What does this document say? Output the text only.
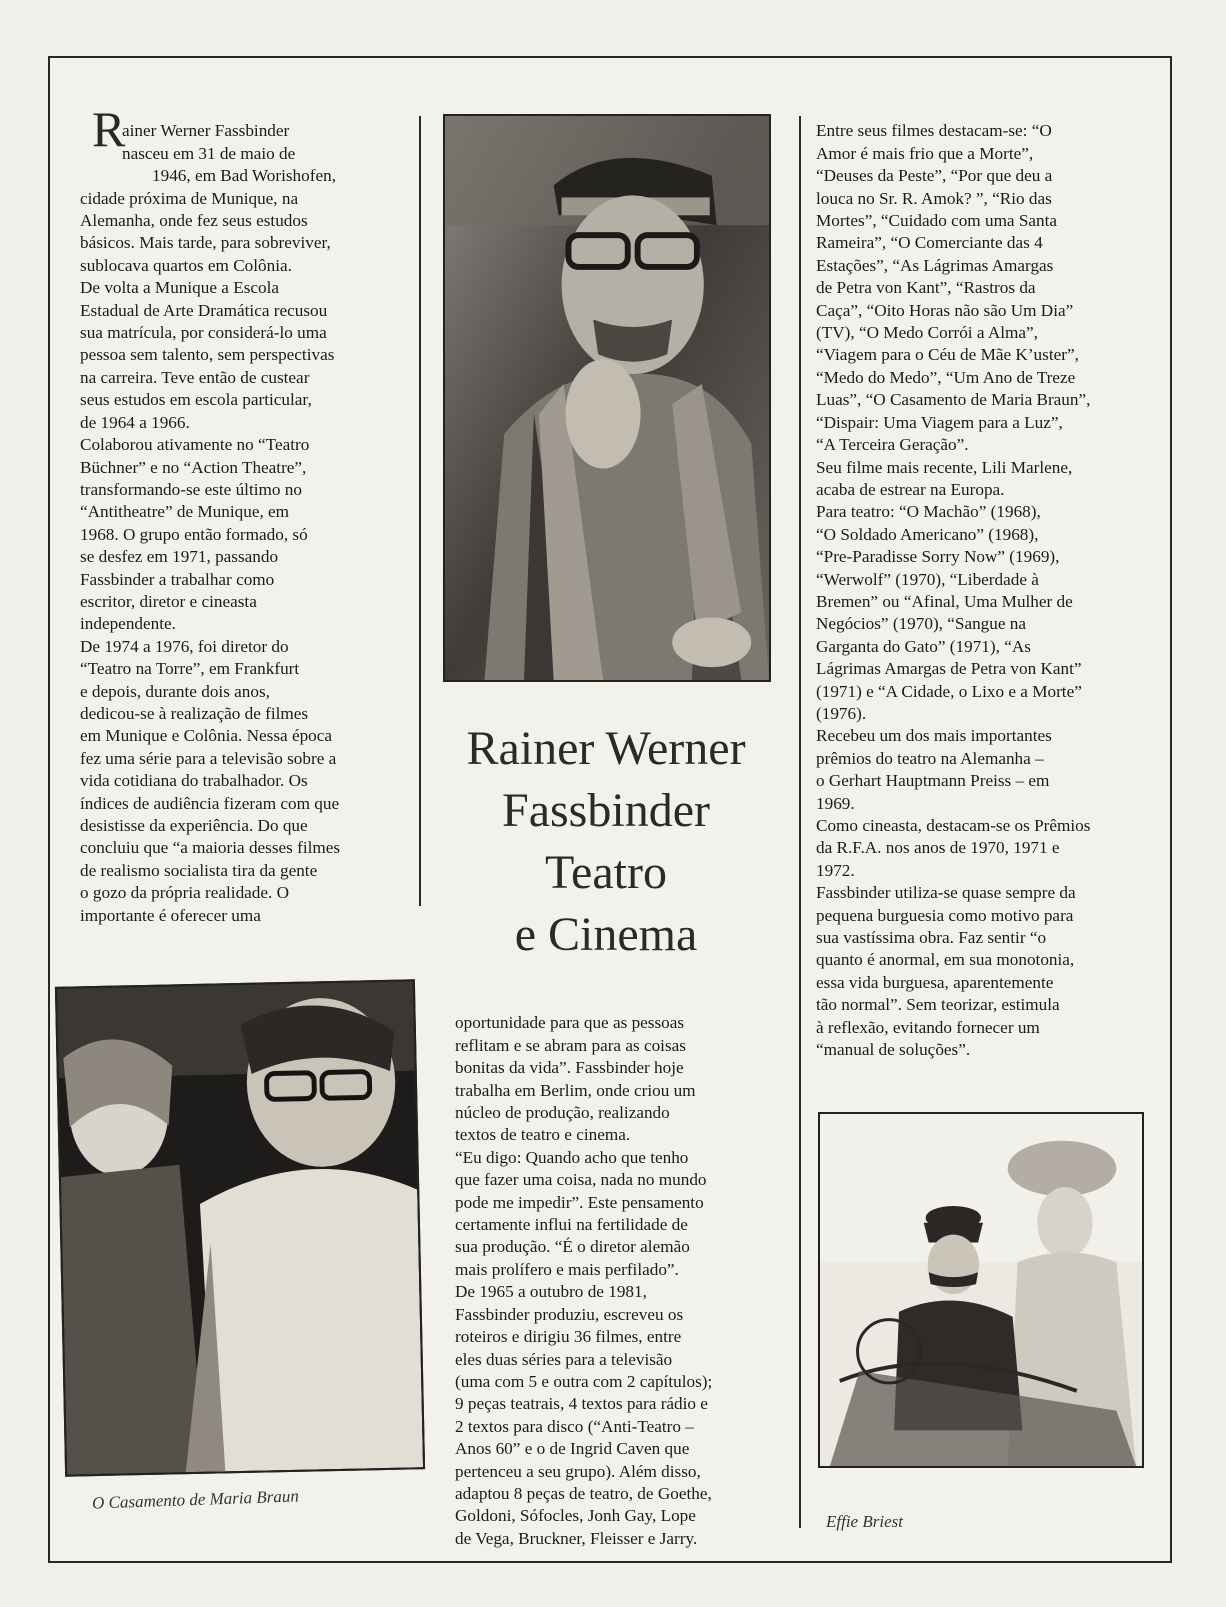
R

ainer Werner Fassbinder
nasceu em 31 de maio de
1946, em Bad Worishofen,
cidade próxima de Munique, na
Alemanha, onde fez seus estudos
básicos. Mais tarde, para sobreviver,
sublocava quartos em Colônia.
De volta a Munique a Escola
Estadual de Arte Dramática recusou
sua matrícula, por considerá-lo uma
pessoa sem talento, sem perspectivas
na carreira. Teve então de custear
seus estudos em escola particular,
de 1964 a 1966.
Colaborou ativamente no “Teatro
Büchner” e no “Action Theatre”,
transformando-se este último no
“Antitheatre” de Munique, em
1968. O grupo então formado, só
se desfez em 1971, passando
Fassbinder a trabalhar como
escritor, diretor e cineasta
independente.
De 1974 a 1976, foi diretor do
“Teatro na Torre”, em Frankfurt
e depois, durante dois anos,
dedicou-se à realização de filmes
em Munique e Colônia. Nessa época
fez uma série para a televisão sobre a
vida cotidiana do trabalhador. Os
índices de audiência fizeram com que
desistisse da experiência. Do que
concluiu que “a maioria desses filmes
de realismo socialista tira da gente
o gozo da própria realidade. O
importante é oferecer uma

Rainer Werner
Fassbinder
Teatro
e Cinema

oportunidade para que as pessoas
reflitam e se abram para as coisas
bonitas da vida”. Fassbinder hoje
trabalha em Berlim, onde criou um
núcleo de produção, realizando
textos de teatro e cinema.
“Eu digo: Quando acho que tenho
que fazer uma coisa, nada no mundo
pode me impedir”. Este pensamento
certamente influi na fertilidade de
sua produção. “É o diretor alemão
mais prolífero e mais perfilado”.
De 1965 a outubro de 1981,
Fassbinder produziu, escreveu os
roteiros e dirigiu 36 filmes, entre
eles duas séries para a televisão
(uma com 5 e outra com 2 capítulos);
9 peças teatrais, 4 textos para rádio e
2 textos para disco (“Anti-Teatro –
Anos 60” e o de Ingrid Caven que
pertenceu a seu grupo). Além disso,
adaptou 8 peças de teatro, de Goethe,
Goldoni, Sófocles, Jonh Gay, Lope
de Vega, Bruckner, Fleisser e Jarry.

Entre seus filmes destacam-se: “O
Amor é mais frio que a Morte”,
“Deuses da Peste”, “Por que deu a
louca no Sr. R. Amok? ”, “Rio das
Mortes”, “Cuidado com uma Santa
Rameira”, “O Comerciante das 4
Estações”, “As Lágrimas Amargas
de Petra von Kant”, “Rastros da
Caça”, “Oito Horas não são Um Dia”
(TV), “O Medo Corrói a Alma”,
“Viagem para o Céu de Mãe K’uster”,
“Medo do Medo”, “Um Ano de Treze
Luas”, “O Casamento de Maria Braun”,
“Dispair: Uma Viagem para a Luz”,
“A Terceira Geração”.
Seu filme mais recente, Lili Marlene,
acaba de estrear na Europa.
Para teatro: “O Machão” (1968),
“O Soldado Americano” (1968),
“Pre-Paradisse Sorry Now” (1969),
“Werwolf” (1970), “Liberdade à
Bremen” ou “Afinal, Uma Mulher de
Negócios” (1970), “Sangue na
Garganta do Gato” (1971), “As
Lágrimas Amargas de Petra von Kant”
(1971) e “A Cidade, o Lixo e a Morte”
(1976).
Recebeu um dos mais importantes
prêmios do teatro na Alemanha –
o Gerhart Hauptmann Preiss – em
1969.
Como cineasta, destacam-se os Prêmios
da R.F.A. nos anos de 1970, 1971 e
1972.
Fassbinder utiliza-se quase sempre da
pequena burguesia como motivo para
sua vastíssima obra. Faz sentir “o
quanto é anormal, em sua monotonia,
essa vida burguesa, aparentemente
tão normal”. Sem teorizar, estimula
à reflexão, evitando fornecer um
“manual de soluções”.

O Casamento de Maria Braun
Effie Briest
